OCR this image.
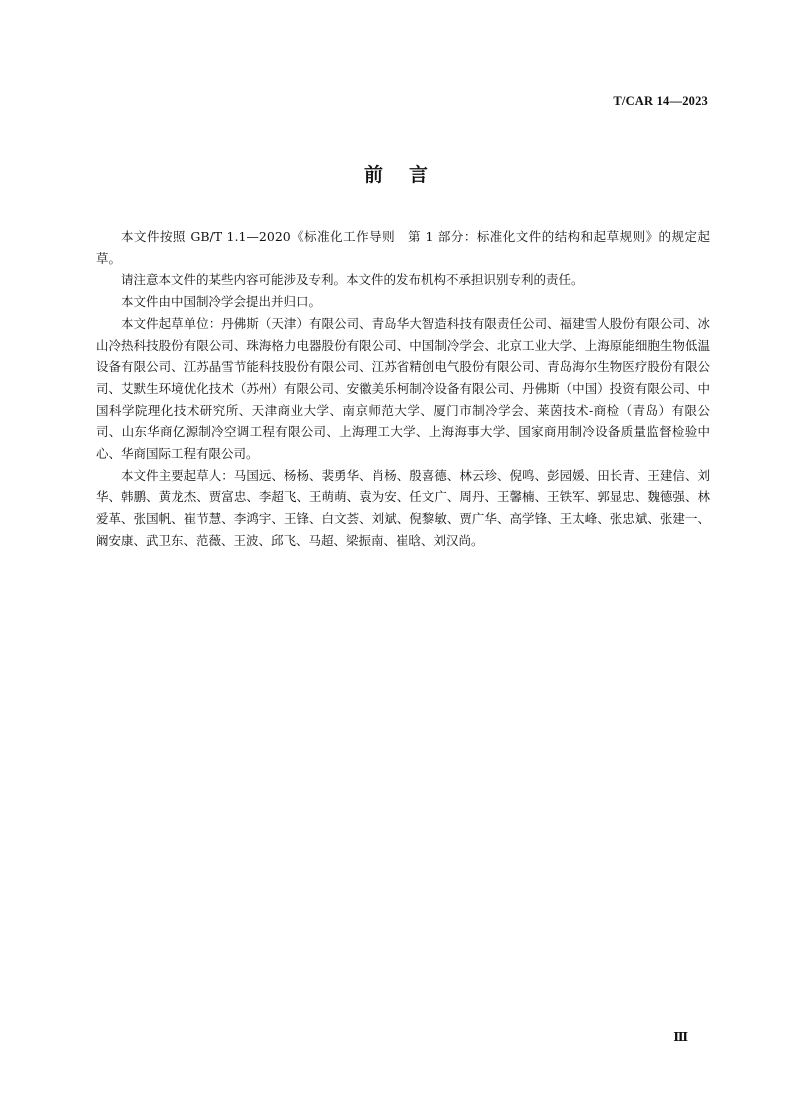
T/CAR 14—2023
前言

本文件按照 GB/T 1.1—2020《标准化工作导则　第 1 部分：标准化文件的结构和起草规则》的规定起草。

请注意本文件的某些内容可能涉及专利。本文件的发布机构不承担识别专利的责任。

本文件由中国制冷学会提出并归口。

本文件起草单位：丹佛斯（天津）有限公司、青岛华大智造科技有限责任公司、福建雪人股份有限公司、冰山冷热科技股份有限公司、珠海格力电器股份有限公司、中国制冷学会、北京工业大学、上海原能细胞生物低温设备有限公司、江苏晶雪节能科技股份有限公司、江苏省精创电气股份有限公司、青岛海尔生物医疗股份有限公司、艾默生环境优化技术（苏州）有限公司、安徽美乐柯制冷设备有限公司、丹佛斯（中国）投资有限公司、中国科学院理化技术研究所、天津商业大学、南京师范大学、厦门市制冷学会、莱茵技术-商检（青岛）有限公司、山东华商亿源制冷空调工程有限公司、上海理工大学、上海海事大学、国家商用制冷设备质量监督检验中心、华商国际工程有限公司。

本文件主要起草人：马国远、杨杨、裴勇华、肖杨、殷喜德、林云珍、倪鸣、彭园媛、田长青、王建信、刘华、韩鹏、黄龙杰、贾富忠、李超飞、王萌萌、袁为安、任文广、周丹、王馨楠、王铁军、郭显忠、魏德强、林爱革、张国帆、崔节慧、李鸿宇、王锋、白文荟、刘斌、倪黎敏、贾广华、高学锋、王太峰、张忠斌、张建一、阚安康、武卫东、范薇、王波、邱飞、马超、梁振南、崔晗、刘汉尚。

Ⅲ
